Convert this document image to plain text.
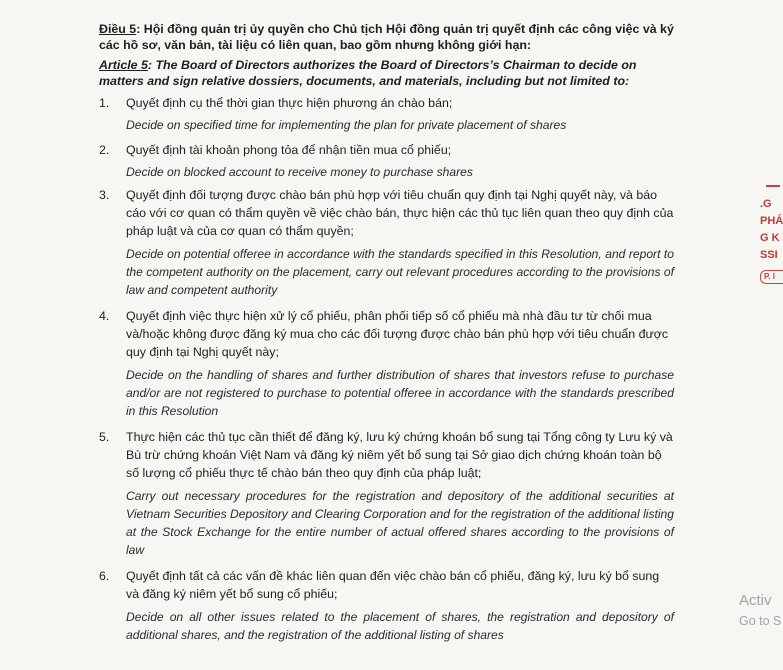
Điều 5: Hội đồng quản trị ủy quyền cho Chủ tịch Hội đồng quản trị quyết định các công việc và ký các hồ sơ, văn bản, tài liệu có liên quan, bao gồm nhưng không giới hạn:
Article 5: The Board of Directors authorizes the Board of Directors’s Chairman to decide on matters and sign relative dossiers, documents, and materials, including but not limited to:
1.	Quyết định cụ thể thời gian thực hiện phương án chào bán;
Decide on specified time for implementing the plan for private placement of shares
2.	Quyết định tài khoản phong tỏa để nhận tiền mua cổ phiếu;
Decide on blocked account to receive money to purchase shares
3.	Quyết định đối tượng được chào bán phù hợp với tiêu chuẩn quy định tại Nghị quyết này, và báo cáo với cơ quan có thẩm quyền về việc chào bán, thực hiện các thủ tục liên quan theo quy định của pháp luật và của cơ quan có thẩm quyền;
Decide on potential offeree in accordance with the standards specified in this Resolution, and report to the competent authority on the placement, carry out relevant procedures according to the provisions of law and competent authority
4.	Quyết định việc thực hiện xử lý cổ phiếu, phân phối tiếp số cổ phiếu mà nhà đầu tư từ chối mua và/hoặc không được đăng ký mua cho các đối tượng được chào bán phù hợp với tiêu chuẩn được quy định tại Nghị quyết này;
Decide on the handling of shares and further distribution of shares that investors refuse to purchase and/or are not registered to purchase to potential offeree in accordance with the standards prescribed in this Resolution
5.	Thực hiện các thủ tục cần thiết để đăng ký, lưu ký chứng khoán bổ sung tại Tổng công ty Lưu ký và Bù trừ chứng khoán Việt Nam và đăng ký niêm yết bổ sung tại Sở giao dịch chứng khoán toàn bộ số lượng cổ phiếu thực tế chào bán theo quy định của pháp luật;
Carry out necessary procedures for the registration and depository of the additional securities at Vietnam Securities Depository and Clearing Corporation and for the registration of the additional listing at the Stock Exchange for the entire number of actual offered shares according to the provisions of law
6.	Quyết định tất cả các vấn đề khác liên quan đến việc chào bán cổ phiếu, đăng ký, lưu ký bổ sung và đăng ký niêm yết bổ sung cổ phiếu;
Decide on all other issues related to the placement of shares, the registration and depository of additional shares, and the registration of the additional listing of shares
.G
PHÁ
G K
SSI
P. I
Activ
Go to S
